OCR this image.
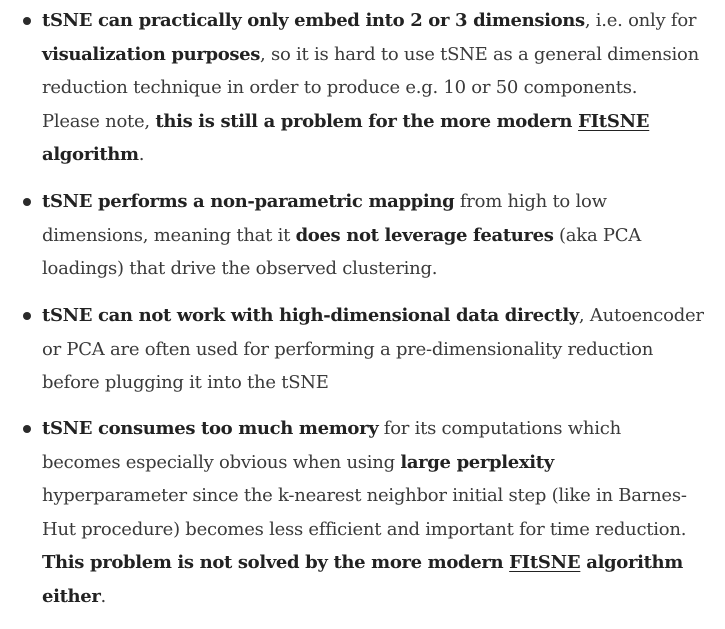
tSNE can practically only embed into 2 or 3 dimensions, i.e. only for
visualization purposes, so it is hard to use tSNE as a general dimension
reduction technique in order to produce e.g. 10 or 50 components.
Please note, this is still a problem for the more modern FItSNE
algorithm.
tSNE performs a non-parametric mapping from high to low
dimensions, meaning that it does not leverage features (aka PCA
loadings) that drive the observed clustering.
tSNE can not work with high-dimensional data directly, Autoencoder
or PCA are often used for performing a pre-dimensionality reduction
before plugging it into the tSNE
tSNE consumes too much memory for its computations which
becomes especially obvious when using large perplexity
hyperparameter since the k-nearest neighbor initial step (like in Barnes-
Hut procedure) becomes less efficient and important for time reduction.
This problem is not solved by the more modern FItSNE algorithm
either.
